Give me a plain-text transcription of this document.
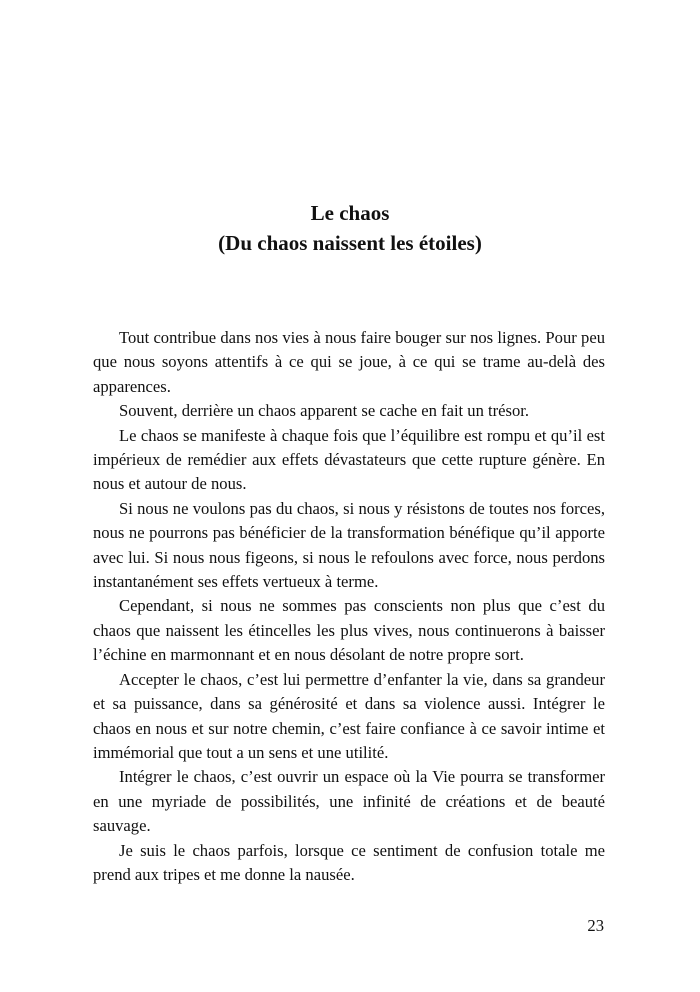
Le chaos
(Du chaos naissent les étoiles)

Tout contribue dans nos vies à nous faire bouger sur nos lignes. Pour peu que nous soyons attentifs à ce qui se joue, à ce qui se trame au-delà des apparences.

Souvent, derrière un chaos apparent se cache en fait un trésor.

Le chaos se manifeste à chaque fois que l’équilibre est rompu et qu’il est impérieux de remédier aux effets dévastateurs que cette rupture génère. En nous et autour de nous.

Si nous ne voulons pas du chaos, si nous y résistons de toutes nos forces, nous ne pourrons pas bénéficier de la transformation bénéfique qu’il apporte avec lui. Si nous nous figeons, si nous le refoulons avec force, nous perdons instantanément ses effets vertueux à terme.

Cependant, si nous ne sommes pas conscients non plus que c’est du chaos que naissent les étincelles les plus vives, nous continuerons à baisser l’échine en marmonnant et en nous désolant de notre propre sort.

Accepter le chaos, c’est lui permettre d’enfanter la vie, dans sa grandeur et sa puissance, dans sa générosité et dans sa violence aussi. Intégrer le chaos en nous et sur notre chemin, c’est faire confiance à ce savoir intime et immémorial que tout a un sens et une utilité.

Intégrer le chaos, c’est ouvrir un espace où la Vie pourra se transformer en une myriade de possibilités, une infinité de créations et de beauté sauvage.

Je suis le chaos parfois, lorsque ce sentiment de confusion totale me prend aux tripes et me donne la nausée.

23
